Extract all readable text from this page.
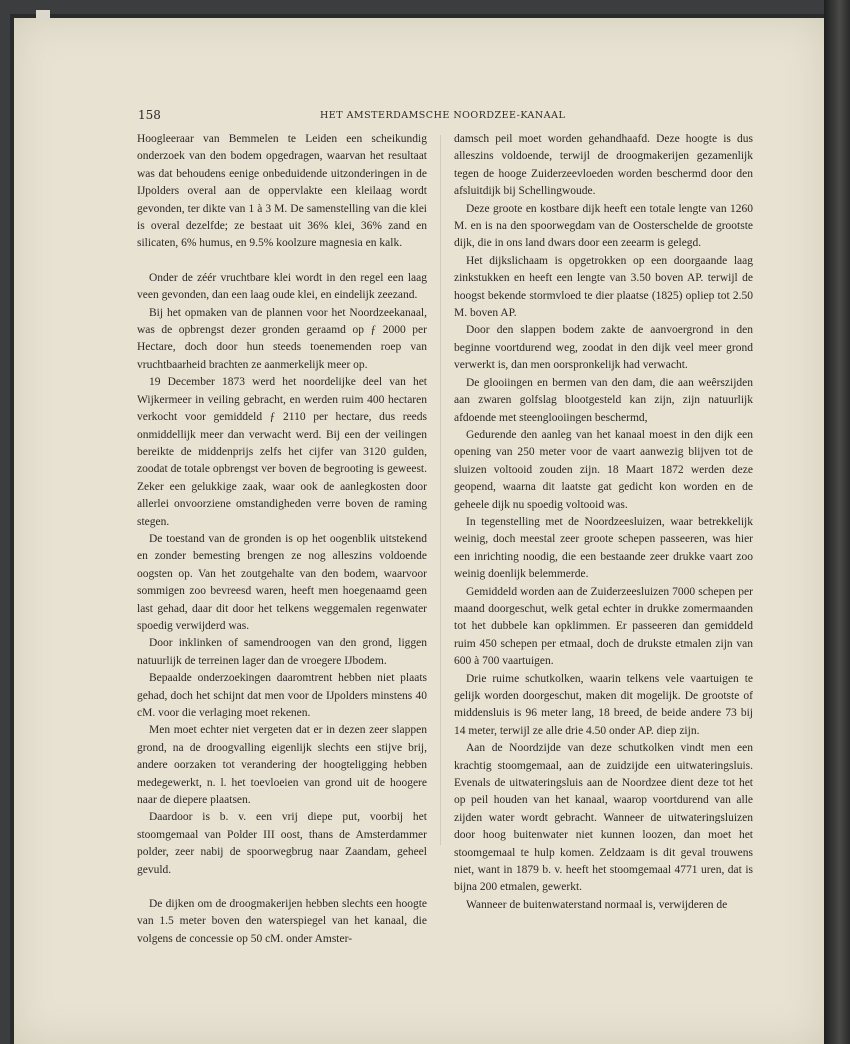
158	HET AMSTERDAMSCHE NOORDZEE-KANAAL

Hoogleeraar van Bemmelen te Leiden een scheikundig onderzoek van den bodem opgedragen, waarvan het resultaat was dat behoudens eenige onbeduidende uitzonderingen in de IJpolders overal aan de oppervlakte een kleilaag wordt gevonden, ter dikte van 1 à 3 M. De samenstelling van die klei is overal dezelfde; ze bestaat uit 36% klei, 36% zand en silicaten, 6% humus, en 9.5% koolzure magnesia en kalk.

Onder de zéér vruchtbare klei wordt in den regel een laag veen gevonden, dan een laag oude klei, en eindelijk zeezand.

Bij het opmaken van de plannen voor het Noordzeekanaal, was de opbrengst dezer gronden geraamd op ƒ 2000 per Hectare, doch door hun steeds toenemenden roep van vruchtbaarheid brachten ze aanmerkelijk meer op.

19 December 1873 werd het noordelijke deel van het Wijkermeer in veiling gebracht, en werden ruim 400 hectaren verkocht voor gemiddeld ƒ 2110 per hectare, dus reeds onmiddellijk meer dan verwacht werd. Bij een der veilingen bereikte de middenprijs zelfs het cijfer van 3120 gulden, zoodat de totale opbrengst ver boven de begrooting is geweest. Zeker een gelukkige zaak, waar ook de aanlegkosten door allerlei onvoorziene omstandigheden verre boven de raming stegen.

De toestand van de gronden is op het oogenblik uitstekend en zonder bemesting brengen ze nog alleszins voldoende oogsten op. Van het zoutgehalte van den bodem, waarvoor sommigen zoo bevreesd waren, heeft men hoegenaamd geen last gehad, daar dit door het telkens weggemalen regenwater spoedig verwijderd was.

Door inklinken of samendroogen van den grond, liggen natuurlijk de terreinen lager dan de vroegere IJbodem.

Bepaalde onderzoekingen daaromtrent hebben niet plaats gehad, doch het schijnt dat men voor de IJpolders minstens 40 cM. voor die verlaging moet rekenen.

Men moet echter niet vergeten dat er in dezen zeer slappen grond, na de droogvalling eigenlijk slechts een stijve brij, andere oorzaken tot verandering der hoogteligging hebben medegewerkt, n. l. het toevloeien van grond uit de hoogere naar de diepere plaatsen.

Daardoor is b. v. een vrij diepe put, voorbij het stoomgemaal van Polder III oost, thans de Amsterdammer polder, zeer nabij de spoorwegbrug naar Zaandam, geheel gevuld.

De dijken om de droogmakerijen hebben slechts een hoogte van 1.5 meter boven den waterspiegel van het kanaal, die volgens de concessie op 50 cM. onder Amster-

damsch peil moet worden gehandhaafd. Deze hoogte is dus alleszins voldoende, terwijl de droogmakerijen gezamenlijk tegen de hooge Zuiderzeevloeden worden beschermd door den afsluitdijk bij Schellingwoude.

Deze groote en kostbare dijk heeft een totale lengte van 1260 M. en is na den spoorwegdam van de Oosterschelde de grootste dijk, die in ons land dwars door een zeearm is gelegd.

Het dijkslichaam is opgetrokken op een doorgaande laag zinkstukken en heeft een lengte van 3.50 boven AP. terwijl de hoogst bekende stormvloed te dier plaatse (1825) opliep tot 2.50 M. boven AP.

Door den slappen bodem zakte de aanvoergrond in den beginne voortdurend weg, zoodat in den dijk veel meer grond verwerkt is, dan men oorspronkelijk had verwacht.

De glooiingen en bermen van den dam, die aan weêrszijden aan zwaren golfslag blootgesteld kan zijn, zijn natuurlijk afdoende met steenglooiingen beschermd,

Gedurende den aanleg van het kanaal moest in den dijk een opening van 250 meter voor de vaart aanwezig blijven tot de sluizen voltooid zouden zijn. 18 Maart 1872 werden deze geopend, waarna dit laatste gat gedicht kon worden en de geheele dijk nu spoedig voltooid was.

In tegenstelling met de Noordzeesluizen, waar betrekkelijk weinig, doch meestal zeer groote schepen passeeren, was hier een inrichting noodig, die een bestaande zeer drukke vaart zoo weinig doenlijk belemmerde.

Gemiddeld worden aan de Zuiderzeesluizen 7000 schepen per maand doorgeschut, welk getal echter in drukke zomermaanden tot het dubbele kan opklimmen. Er passeeren dan gemiddeld ruim 450 schepen per etmaal, doch de drukste etmalen zijn van 600 à 700 vaartuigen.

Drie ruime schutkolken, waarin telkens vele vaartuigen te gelijk worden doorgeschut, maken dit mogelijk. De grootste of middensluis is 96 meter lang, 18 breed, de beide andere 73 bij 14 meter, terwijl ze alle drie 4.50 onder AP. diep zijn.

Aan de Noordzijde van deze schutkolken vindt men een krachtig stoomgemaal, aan de zuidzijde een uitwateringsluis. Evenals de uitwateringsluis aan de Noordzee dient deze tot het op peil houden van het kanaal, waarop voortdurend van alle zijden water wordt gebracht. Wanneer de uitwateringsluizen door hoog buitenwater niet kunnen loozen, dan moet het stoomgemaal te hulp komen. Zeldzaam is dit geval trouwens niet, want in 1879 b. v. heeft het stoomgemaal 4771 uren, dat is bijna 200 etmalen, gewerkt.

Wanneer de buitenwaterstand normaal is, verwijderen de
